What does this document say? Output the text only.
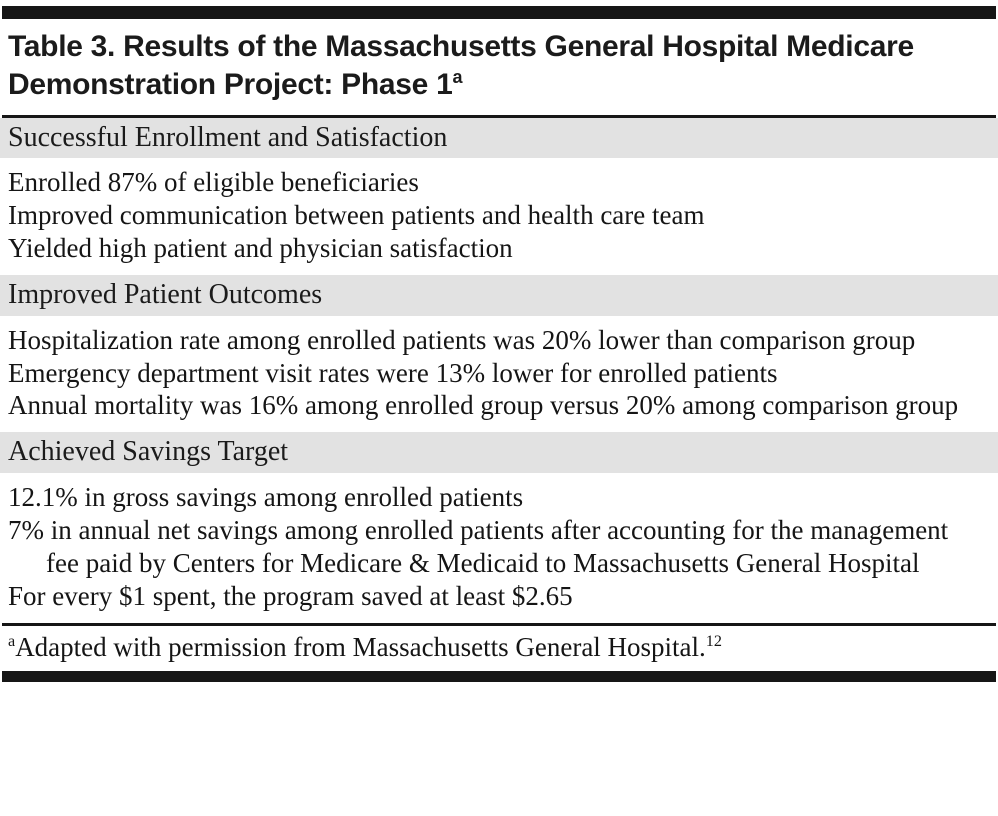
Table 3. Results of the Massachusetts General Hospital Medicare Demonstration Project: Phase 1$^a$
Successful Enrollment and Satisfaction

Enrolled 87% of eligible beneficiaries

Improved communication between patients and health care team

Yielded high patient and physician satisfaction

Improved Patient Outcomes

Hospitalization rate among enrolled patients was 20% lower than comparison group

Emergency department visit rates were 13% lower for enrolled patients

Annual mortality was 16% among enrolled group versus 20% among comparison group

Achieved Savings Target

12.1% in gross savings among enrolled patients

7% in annual net savings among enrolled patients after accounting for the management fee paid by Centers for Medicare & Medicaid to Massachusetts General Hospital

For every $1 spent, the program saved at least $2.65

$^a$Adapted with permission from Massachusetts General Hospital.$^{12}$
